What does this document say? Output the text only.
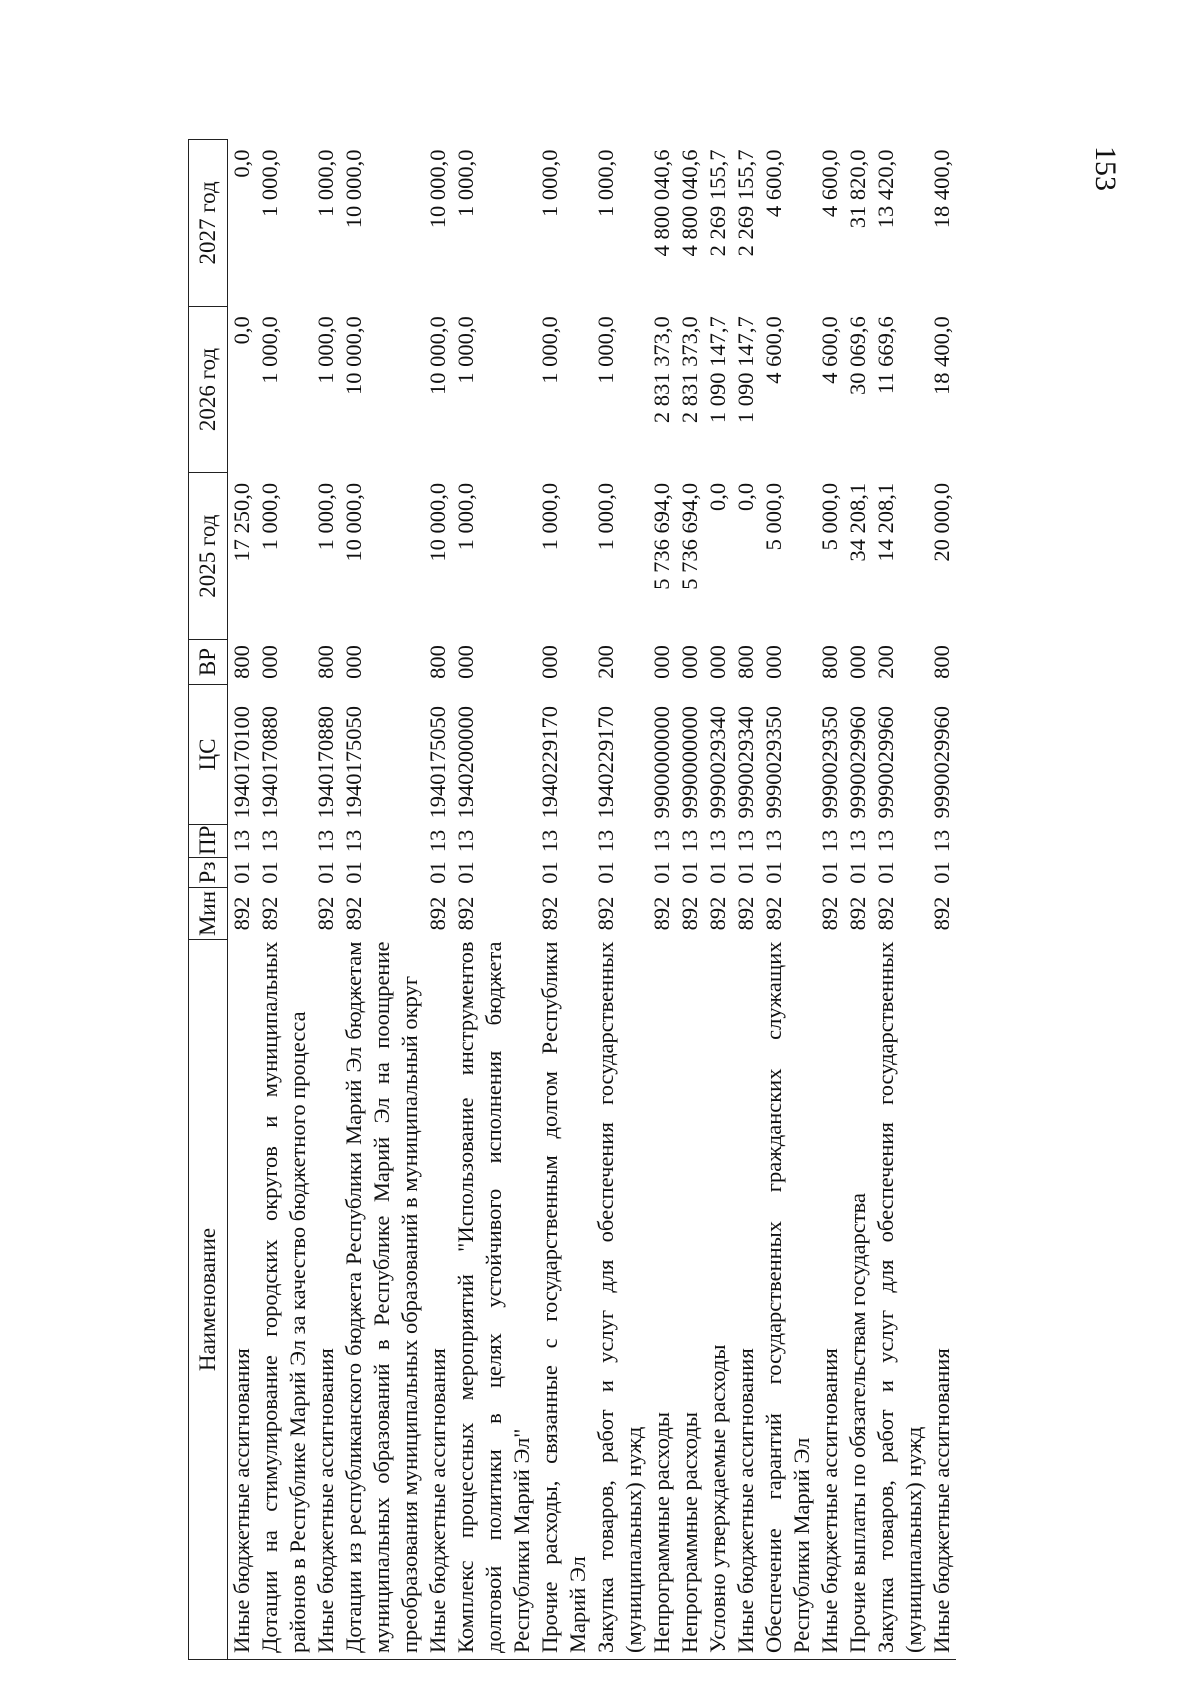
153
Наименование	Мин	Рз	ПР	ЦС	ВР	2025 год	2026 год	2027 год
Иные бюджетные ассигнования	892	01	13	1940170100	800	17 250,0	0,0	0,0
Дотации на стимулирование городских округов и муниципальных районов в Республике Марий Эл за качество бюджетного процесса	892	01	13	1940170880	000	1 000,0	1 000,0	1 000,0
Иные бюджетные ассигнования	892	01	13	1940170880	800	1 000,0	1 000,0	1 000,0
Дотации из республиканского бюджета Республики Марий Эл бюджетам муниципальных образований в Республике Марий Эл на поощрение преобразования муниципальных образований в муниципальный округ	892	01	13	1940175050	000	10 000,0	10 000,0	10 000,0
Иные бюджетные ассигнования	892	01	13	1940175050	800	10 000,0	10 000,0	10 000,0
Комплекс процессных мероприятий "Использование инструментов долговой политики в целях устойчивого исполнения бюджета Республики Марий Эл"	892	01	13	1940200000	000	1 000,0	1 000,0	1 000,0
Прочие расходы, связанные с государственным долгом Республики Марий Эл	892	01	13	1940229170	000	1 000,0	1 000,0	1 000,0
Закупка товаров, работ и услуг для обеспечения государственных (муниципальных) нужд	892	01	13	1940229170	200	1 000,0	1 000,0	1 000,0
Непрограммные расходы	892	01	13	9900000000	000	5 736 694,0	2 831 373,0	4 800 040,6
Непрограммные расходы	892	01	13	9990000000	000	5 736 694,0	2 831 373,0	4 800 040,6
Условно утверждаемые расходы	892	01	13	9990029340	000	0,0	1 090 147,7	2 269 155,7
Иные бюджетные ассигнования	892	01	13	9990029340	800	0,0	1 090 147,7	2 269 155,7
Обеспечение гарантий государственных гражданских служащих Республики Марий Эл	892	01	13	9990029350	000	5 000,0	4 600,0	4 600,0
Иные бюджетные ассигнования	892	01	13	9990029350	800	5 000,0	4 600,0	4 600,0
Прочие выплаты по обязательствам государства	892	01	13	9990029960	000	34 208,1	30 069,6	31 820,0
Закупка товаров, работ и услуг для обеспечения государственных (муниципальных) нужд	892	01	13	9990029960	200	14 208,1	11 669,6	13 420,0
Иные бюджетные ассигнования	892	01	13	9990029960	800	20 000,0	18 400,0	18 400,0
